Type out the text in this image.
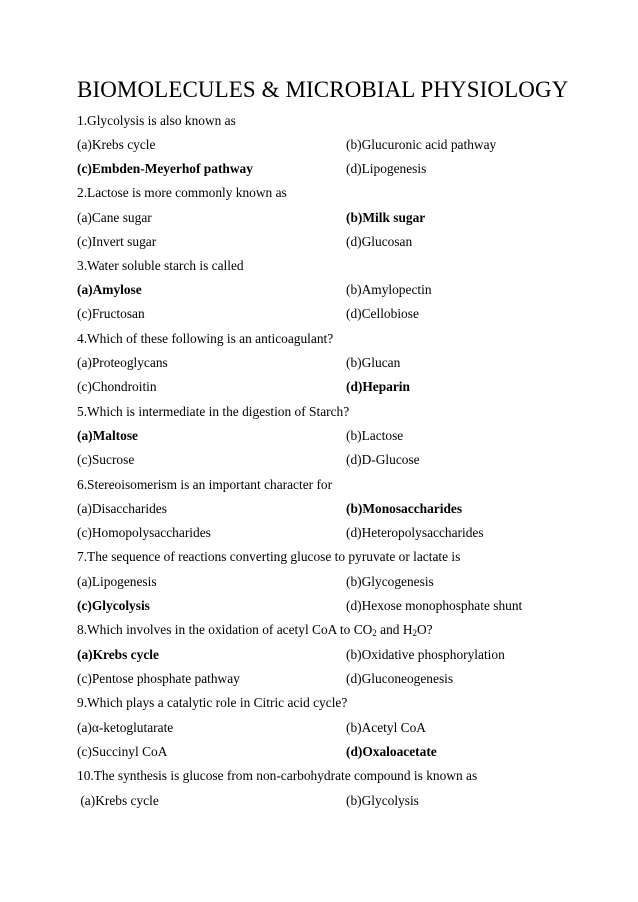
BIOMOLECULES & MICROBIAL PHYSIOLOGY
1.Glycolysis is also known as
(a)Krebs cycle	(b)Glucuronic acid pathway
(c)Embden-Meyerhof pathway	(d)Lipogenesis
2.Lactose is more commonly known as
(a)Cane sugar	(b)Milk sugar
(c)Invert sugar	(d)Glucosan
3.Water soluble starch is called
(a)Amylose	(b)Amylopectin
(c)Fructosan	(d)Cellobiose
4.Which of these following is an anticoagulant?
(a)Proteoglycans	(b)Glucan
(c)Chondroitin	(d)Heparin
5.Which is intermediate in the digestion of Starch?
(a)Maltose	(b)Lactose
(c)Sucrose	(d)D-Glucose
6.Stereoisomerism is an important character for
(a)Disaccharides	(b)Monosaccharides
(c)Homopolysaccharides	(d)Heteropolysaccharides
7.The sequence of reactions converting glucose to pyruvate or lactate is
(a)Lipogenesis	(b)Glycogenesis
(c)Glycolysis	(d)Hexose monophosphate shunt
8.Which involves in the oxidation of acetyl CoA to $CO_2$ and $H_2O$?
(a)Krebs cycle	(b)Oxidative phosphorylation
(c)Pentose phosphate pathway	(d)Gluconeogenesis
9.Which plays a catalytic role in Citric acid cycle?
(a)α-ketoglutarate	(b)Acetyl CoA
(c)Succinyl CoA	(d)Oxaloacetate
10.The synthesis is glucose from non-carbohydrate compound is known as
(a)Krebs cycle	(b)Glycolysis
